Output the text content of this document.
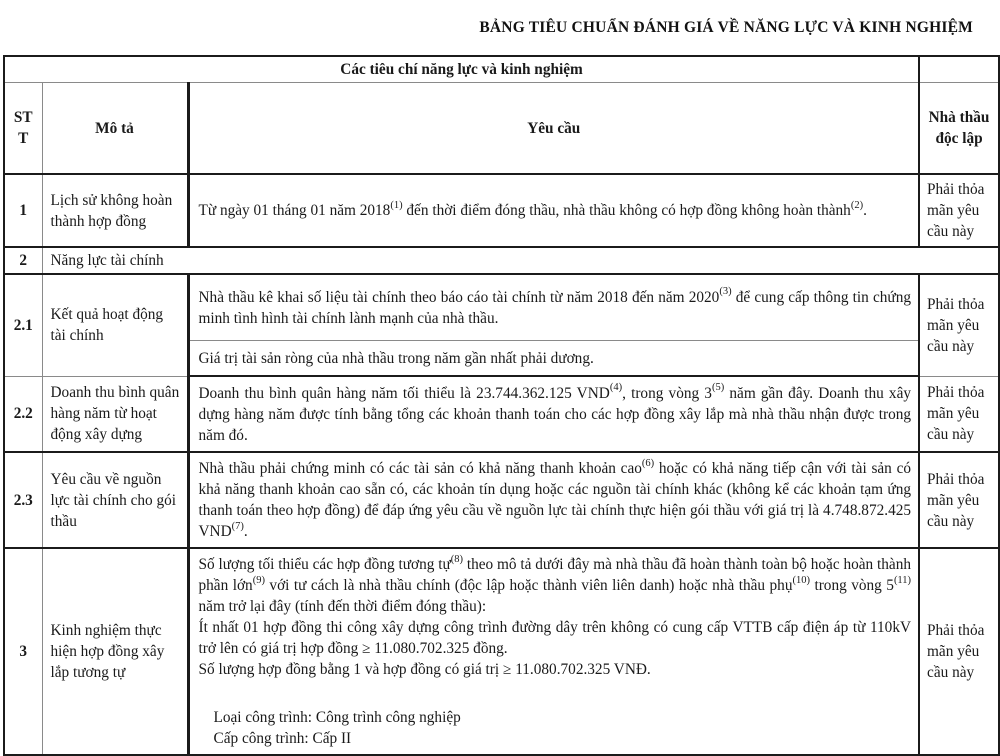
BẢNG TIÊU CHUẨN ĐÁNH GIÁ VỀ NĂNG LỰC VÀ KINH NGHIỆM
Các tiêu chí năng lực và kinh nghiệm			
STT	Mô tả	Yêu cầu	Nhà thầu độc lập
1	Lịch sử không hoàn thành hợp đồng	Từ ngày 01 tháng 01 năm 2018$^{(1)}$ đến thời điểm đóng thầu, nhà thầu không có hợp đồng không hoàn thành$^{(2)}$.	Phải thỏa mãn yêu cầu này
2	Năng lực tài chính		
2.1	Kết quả hoạt động tài chính	Nhà thầu kê khai số liệu tài chính theo báo cáo tài chính từ năm 2018 đến năm 2020$^{(3)}$ để cung cấp thông tin chứng minh tình hình tài chính lành mạnh của nhà thầu.	Phải thỏa mãn yêu cầu này

		Giá trị tài sản ròng của nhà thầu trong năm gần nhất phải dương.	

2.2	Doanh thu bình quân hàng năm từ hoạt động xây dựng	Doanh thu bình quân hàng năm tối thiểu là 23.744.362.125 VND$^{(4)}$, trong vòng 3$^{(5)}$ năm gần đây. Doanh thu xây dựng hàng năm được tính bằng tổng các khoản thanh toán cho các hợp đồng xây lắp mà nhà thầu nhận được trong năm đó.	Phải thỏa mãn yêu cầu này
2.3	Yêu cầu về nguồn lực tài chính cho gói thầu	Nhà thầu phải chứng minh có các tài sản có khả năng thanh khoản cao$^{(6)}$ hoặc có khả năng tiếp cận với tài sản có khả năng thanh khoản cao sẵn có, các khoản tín dụng hoặc các nguồn tài chính khác (không kể các khoản tạm ứng thanh toán theo hợp đồng) để đáp ứng yêu cầu về nguồn lực tài chính thực hiện gói thầu với giá trị là 4.748.872.425 VND$^{(7)}$.	Phải thỏa mãn yêu cầu này
3	Kinh nghiệm thực hiện hợp đồng xây lắp tương tự	Số lượng tối thiểu các hợp đồng tương tự$^{(8)}$ theo mô tả dưới đây mà nhà thầu đã hoàn thành toàn bộ hoặc hoàn thành phần lớn$^{(9)}$ với tư cách là nhà thầu chính (độc lập hoặc thành viên liên danh) hoặc nhà thầu phụ$^{(10)}$ trong vòng 5$^{(11)}$ năm trở lại đây (tính đến thời điểm đóng thầu):
Ít nhất 01 hợp đồng thi công xây dựng công trình đường dây trên không có cung cấp VTTB cấp điện áp từ 110kV trở lên có giá trị hợp đồng ≥ 11.080.702.325 đồng.
Số lượng hợp đồng bằng 1 và hợp đồng có giá trị ≥ 11.080.702.325 VNĐ.
Loại công trình: Công trình công nghiệp
Cấp công trình: Cấp II	Phải thỏa mãn yêu cầu này
